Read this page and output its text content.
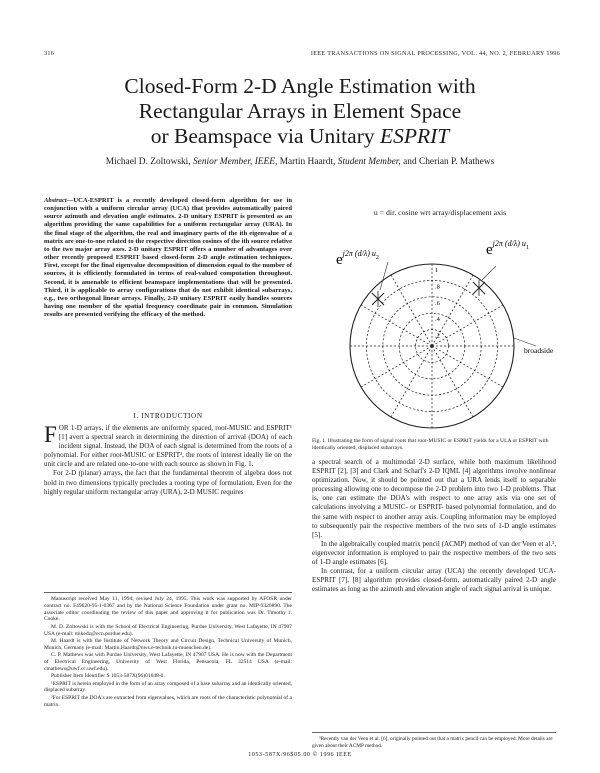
316	IEEE TRANSACTIONS ON SIGNAL PROCESSING, VOL. 44, NO. 2, FEBRUARY 1996
Closed-Form 2-D Angle Estimation with
Rectangular Arrays in Element Space
or Beamspace via Unitary ESPRIT
Michael D. Zoltowski, Senior Member, IEEE, Martin Haardt, Student Member, and Cherian P. Mathews
Abstract—UCA-ESPRIT is a recently developed closed-form algorithm for use in conjunction with a uniform circular array (UCA) that provides automatically paired source azimuth and elevation angle estimates. 2-D unitary ESPRIT is presented as an algorithm providing the same capabilities for a uniform rectangular array (URA). In the final stage of the algorithm, the real and imaginary parts of the ith eigenvalue of a matrix are one-to-one related to the respective direction cosines of the ith source relative to the two major array axes. 2-D unitary ESPRIT offers a number of advantages over other recently proposed ESPRIT based closed-form 2-D angle estimation techniques. First, except for the final eigenvalue decomposition of dimension equal to the number of sources, it is efficiently formulated in terms of real-valued computation throughout. Second, it is amenable to efficient beamspace implementations that will be presented. Third, it is applicable to array configurations that do not exhibit identical subarrays, e.g., two orthogonal linear arrays. Finally, 2-D unitary ESPRIT easily handles sources having one member of the spatial frequency coordinate pair in common. Simulation results are presented verifying the efficacy of the method.
I. INTRODUCTION

FOR 1-D arrays, if the elements are uniformly spaced, root-MUSIC and ESPRIT¹ [1] avert a spectral search in determining the direction of arrival (DOA) of each incident signal. Instead, the DOA of each signal is determined from the roots of a polynomial. For either root-MUSIC or ESPRIT², the roots of interest ideally lie on the unit circle and are related one-to-one with each source as shown in Fig. 1.

For 2-D (planar) arrays, the fact that the fundamental theorem of algebra does not hold in two dimensions typically precludes a rooting type of formulation. Even for the highly regular uniform rectangular array (URA), 2-D MUSIC requires

Manuscript received May 11, 1994; revised July 24, 1995. This work was supported by AFOSR under contract no. F49620-95-1-0367 and by the National Science Foundation under grant no. MIP-9320890. The associate editor coordinating the review of this paper and approving it for publication was Dr. Timothy J. Cooke.

M. D. Zoltowski is with the School of Electrical Engineering, Purdue University, West Lafayette, IN 47907 USA (e-mail: mikedz@ecn.purdue.edu).

M. Haardt is with the Institute of Network Theory and Circuit Design, Technical University of Munich, Munich, Germany (e-mail: Martin.Haardt@nws.e-technik.tu-muenchen.de).

C. P. Mathews was with Purdue University, West Lafayette, IN 47907 USA. He is now with the Department of Electrical Engineering, University of West Florida, Pensacola, FL 32514 USA (e-mail: cmathews@uwf.cc.uwf.edu).

Publisher Item Identifier S 1053-587X(96)01648-0.

¹ESPRIT is herein employed in the form of an array composed of a base subarray and an identically oriented, displaced subarray.

²For ESPRIT the DOA's are extracted from eigenvalues, which are roots of the characteristic polynomial of a matrix.

u = dir. cosine wrt array/displacement axis
$e^{j2\pi (d/\lambda) u}_2$	$e^{j2\pi (d/\lambda) u}_1$
1
.8
.6
.4
.2
broadside
Fig. 1. Illustrating the form of signal roots that root-MUSIC or ESPRIT yields for a ULA or ESPRIT with identically oriented, displaced subarrays.

a spectral search of a multimodal 2-D surface, while both maximum likelihood ESPRIT [2], [3] and Clark and Scharf's 2-D IQML [4] algorithms involve nonlinear optimization. Now, it should be pointed out that a URA lends itself to separable processing allowing one to decompose the 2-D problem into two 1-D problems. That is, one can estimate the DOA's with respect to one array axis via one set of calculations involving a MUSIC- or ESPRIT- based polynomial formulation, and do the same with respect to another array axis. Coupling information may be employed to subsequently pair the respective members of the two sets of 1-D angle estimates [5].

In the algebraically coupled matrix pencil (ACMP) method of van der Veen et al.³, eigenvector information is employed to pair the respective members of the two sets of 1-D angle estimates [6].

In contrast, for a uniform circular array (UCA) the recently developed UCA-ESPRIT [7], [8] algorithm provides closed-form, automatically paired 2-D angle estimates as long as the azimuth and elevation angle of each signal arrival is unique.

³Recently van der Veen et al. [6], originally pointed out that a matrix pencil can be employed. More details are given about their ACMP method.

1053-587X/96$05.00 © 1996 IEEE
